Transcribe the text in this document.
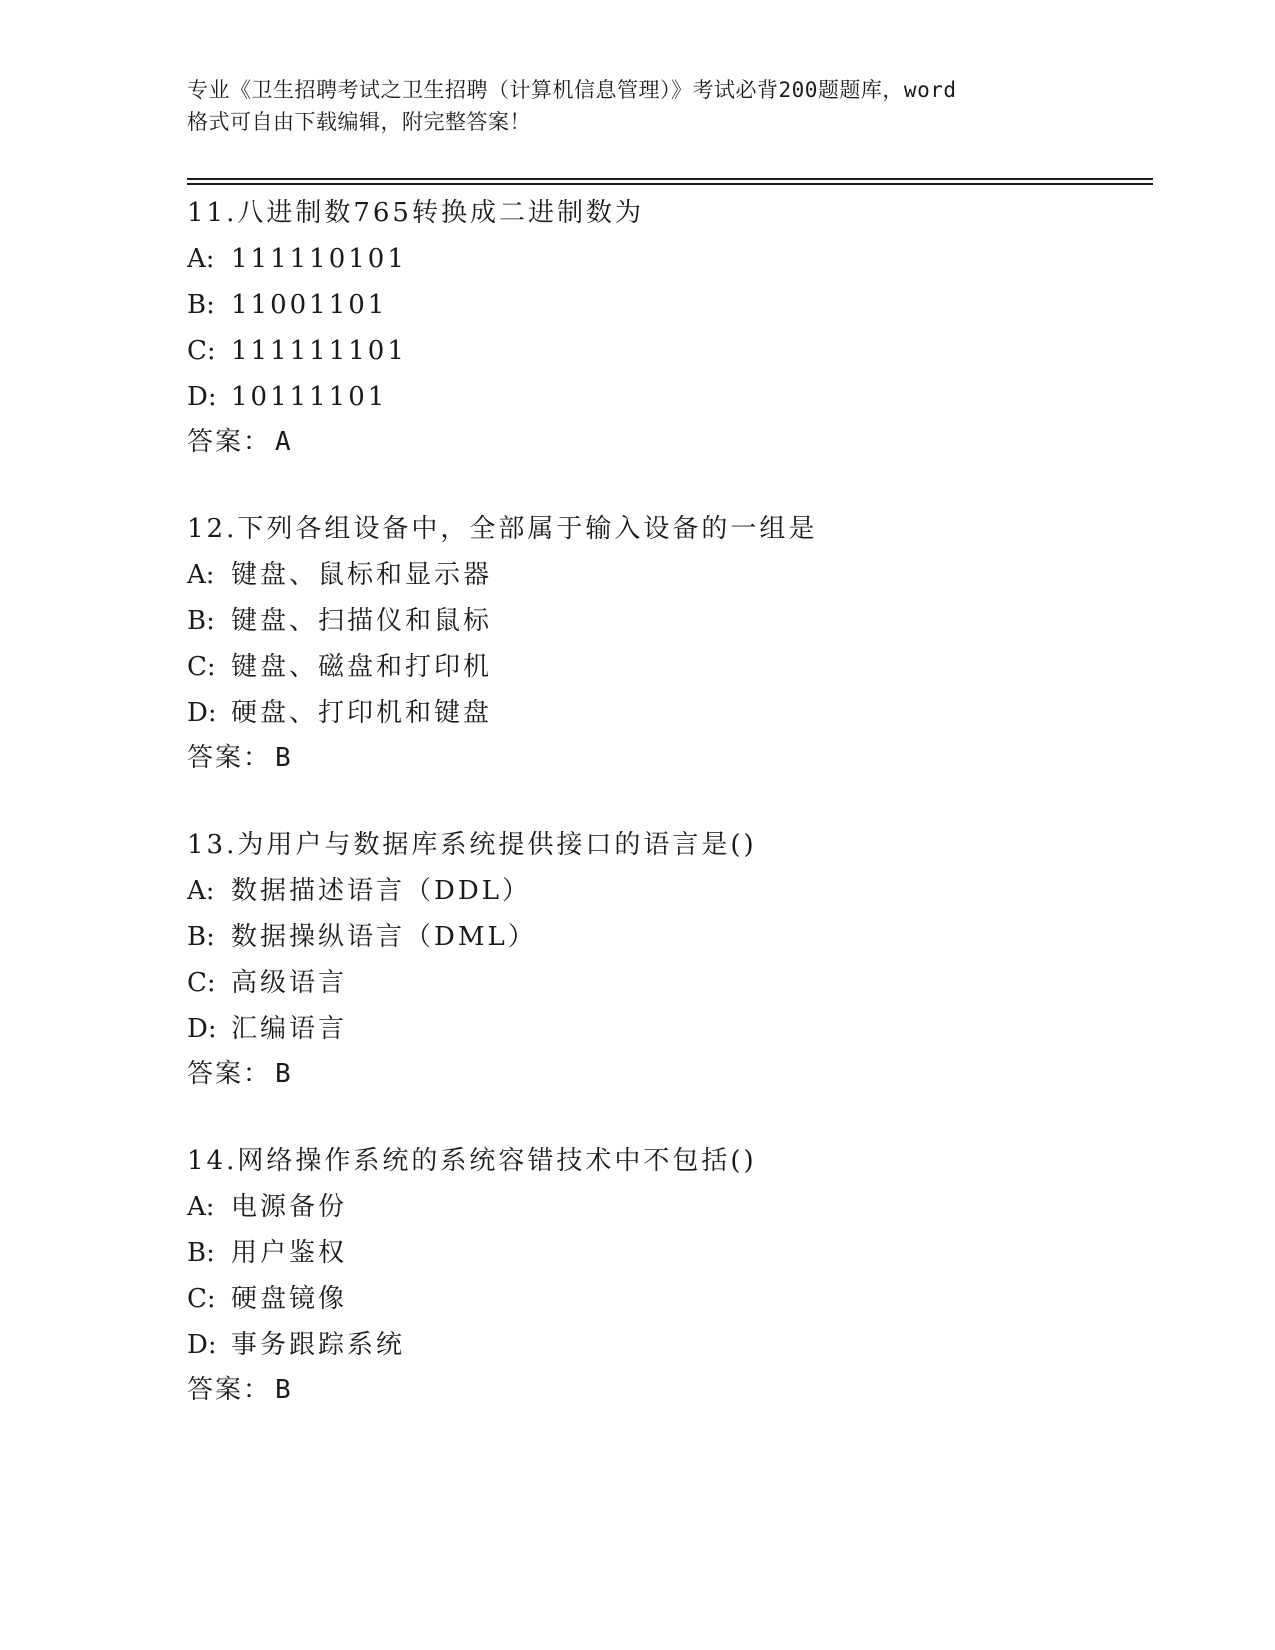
专业《卫生招聘考试之卫生招聘（计算机信息管理）》考试必背200题题库，word
格式可自由下载编辑，附完整答案！
11.八进制数765转换成二进制数为
A: 111110101
B: 11001101
C: 111111101
D: 10111101
答案： A
12.下列各组设备中，全部属于输入设备的一组是
A: 键盘、鼠标和显示器
B: 键盘、扫描仪和鼠标
C: 键盘、磁盘和打印机
D: 硬盘、打印机和键盘
答案： B
13.为用户与数据库系统提供接口的语言是()
A: 数据描述语言（DDL）
B: 数据操纵语言（DML）
C: 高级语言
D: 汇编语言
答案： B
14.网络操作系统的系统容错技术中不包括()
A: 电源备份
B: 用户鉴权
C: 硬盘镜像
D: 事务跟踪系统
答案： B
